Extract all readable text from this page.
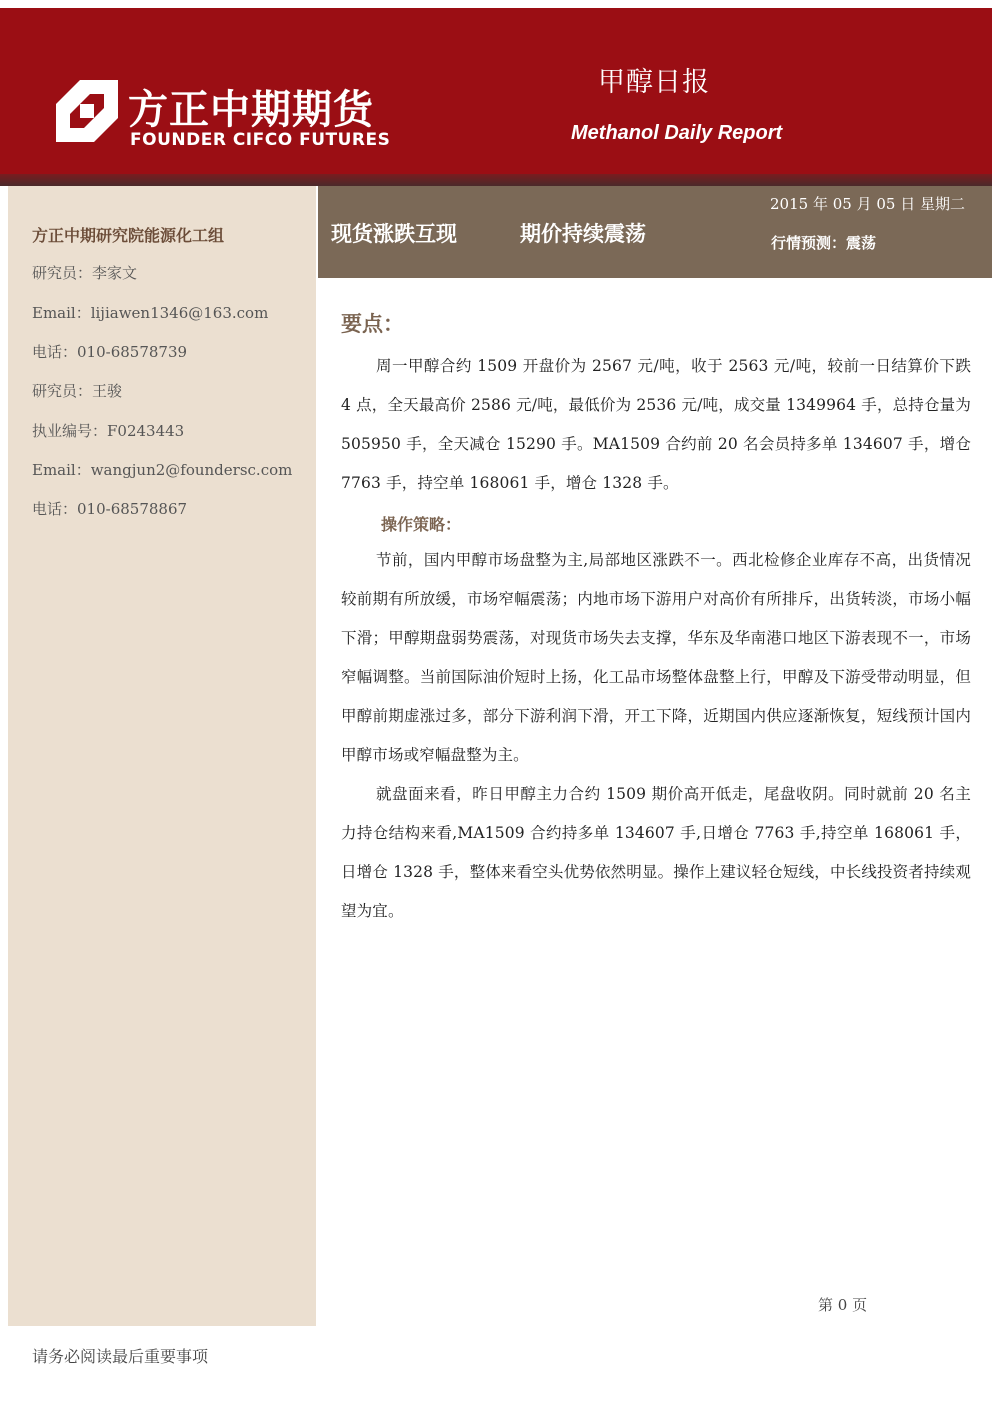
方正中期期货
FOUNDER CIFCO FUTURES
甲醇日报
Methanol Daily Report
方正中期研究院能源化工组
研究员：李家文
Email：lijiawen1346@163.com
电话：010-68578739
研究员：王骏
执业编号：F0243443
Email：wangjun2@foundersc.com
电话：010-68578867
现货涨跌互现	期价持续震荡
2015 年 05 月 05 日 星期二
行情预测：震荡
要点：
周一甲醇合约 1509 开盘价为 2567 元/吨，收于 2563 元/吨，较前一日结算价下跌 4 点，全天最高价 2586 元/吨，最低价为 2536 元/吨，成交量 1349964 手，总持仓量为 505950 手，全天减仓 15290 手。MA1509 合约前 20 名会员持多单 134607 手，增仓 7763 手，持空单 168061 手，增仓 1328 手。
操作策略：
节前，国内甲醇市场盘整为主,局部地区涨跌不一。西北检修企业库存不高，出货情况较前期有所放缓，市场窄幅震荡；内地市场下游用户对高价有所排斥，出货转淡，市场小幅下滑；甲醇期盘弱势震荡，对现货市场失去支撑，华东及华南港口地区下游表现不一，市场窄幅调整。当前国际油价短时上扬，化工品市场整体盘整上行，甲醇及下游受带动明显，但甲醇前期虚涨过多，部分下游利润下滑，开工下降，近期国内供应逐渐恢复，短线预计国内甲醇市场或窄幅盘整为主。
就盘面来看，昨日甲醇主力合约 1509 期价高开低走，尾盘收阴。同时就前 20 名主力持仓结构来看,MA1509 合约持多单 134607 手,日增仓 7763 手,持空单 168061 手，日增仓 1328 手，整体来看空头优势依然明显。操作上建议轻仓短线，中长线投资者持续观望为宜。
第 0 页
请务必阅读最后重要事项
